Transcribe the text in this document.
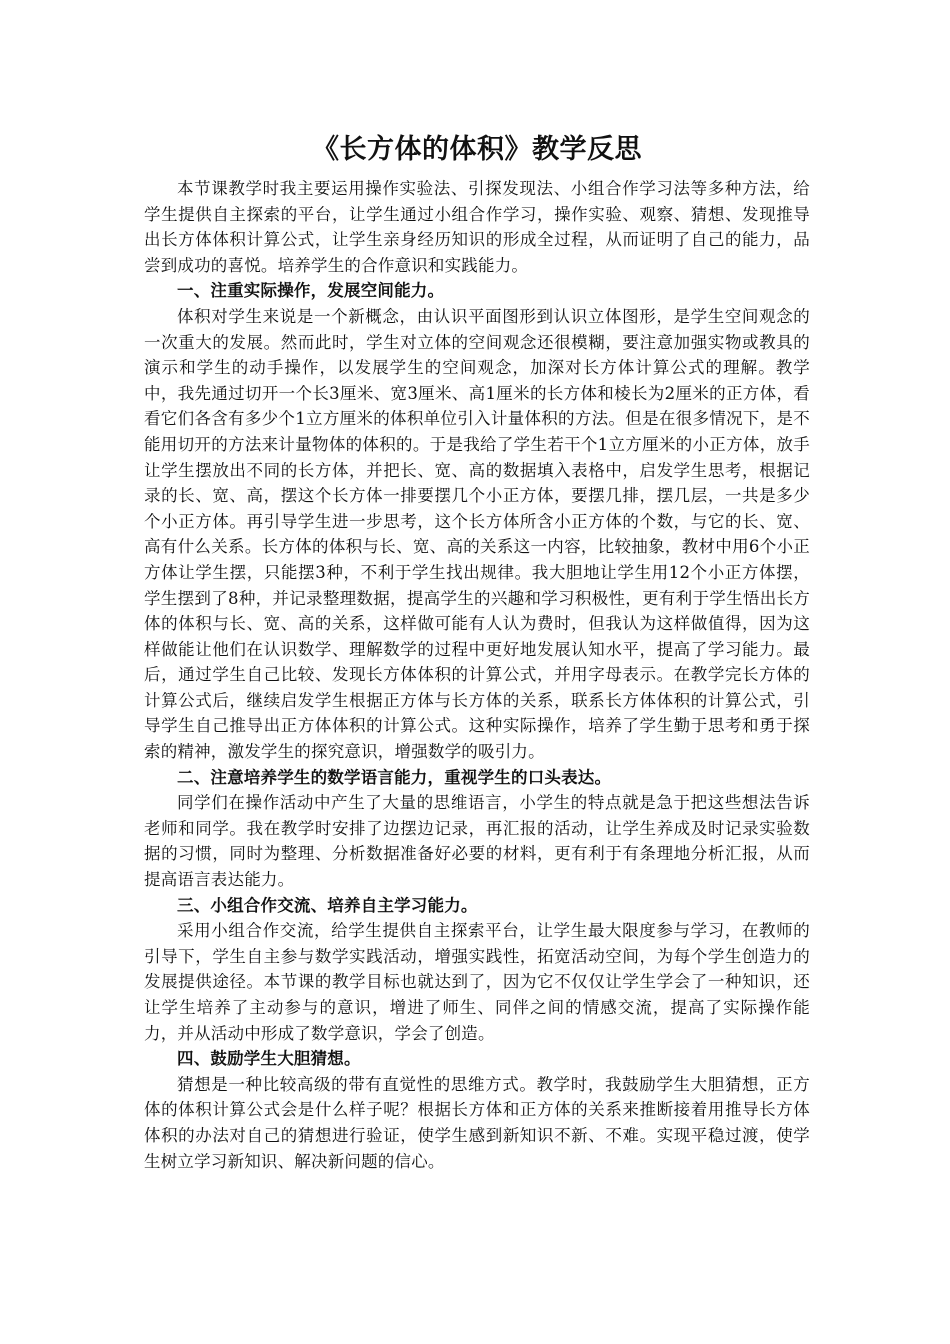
《长方体的体积》教学反思

本节课教学时我主要运用操作实验法、引探发现法、小组合作学习法等多种方法，给学生提供自主探索的平台，让学生通过小组合作学习，操作实验、观察、猜想、发现推导出长方体体积计算公式，让学生亲身经历知识的形成全过程，从而证明了自己的能力，品尝到成功的喜悦。培养学生的合作意识和实践能力。

一、注重实际操作，发展空间能力。

体积对学生来说是一个新概念，由认识平面图形到认识立体图形，是学生空间观念的一次重大的发展。然而此时，学生对立体的空间观念还很模糊，要注意加强实物或教具的演示和学生的动手操作，以发展学生的空间观念，加深对长方体计算公式的理解。教学中，我先通过切开一个长3厘米、宽3厘米、高1厘米的长方体和棱长为2厘米的正方体，看看它们各含有多少个1立方厘米的体积单位引入计量体积的方法。但是在很多情况下，是不能用切开的方法来计量物体的体积的。于是我给了学生若干个1立方厘米的小正方体，放手让学生摆放出不同的长方体，并把长、宽、高的数据填入表格中，启发学生思考，根据记录的长、宽、高，摆这个长方体一排要摆几个小正方体，要摆几排，摆几层，一共是多少个小正方体。再引导学生进一步思考，这个长方体所含小正方体的个数，与它的长、宽、高有什么关系。长方体的体积与长、宽、高的关系这一内容，比较抽象，教材中用6个小正方体让学生摆，只能摆3种，不利于学生找出规律。我大胆地让学生用12个小正方体摆，学生摆到了8种，并记录整理数据，提高学生的兴趣和学习积极性，更有利于学生悟出长方体的体积与长、宽、高的关系，这样做可能有人认为费时，但我认为这样做值得，因为这样做能让他们在认识数学、理解数学的过程中更好地发展认知水平，提高了学习能力。最后，通过学生自己比较、发现长方体体积的计算公式，并用字母表示。在教学完长方体的计算公式后，继续启发学生根据正方体与长方体的关系，联系长方体体积的计算公式，引导学生自己推导出正方体体积的计算公式。这种实际操作，培养了学生勤于思考和勇于探索的精神，激发学生的探究意识，增强数学的吸引力。

二、注意培养学生的数学语言能力，重视学生的口头表达。

同学们在操作活动中产生了大量的思维语言，小学生的特点就是急于把这些想法告诉老师和同学。我在教学时安排了边摆边记录，再汇报的活动，让学生养成及时记录实验数据的习惯，同时为整理、分析数据准备好必要的材料，更有利于有条理地分析汇报，从而提高语言表达能力。

三、小组合作交流、培养自主学习能力。

采用小组合作交流，给学生提供自主探索平台，让学生最大限度参与学习，在教师的引导下，学生自主参与数学实践活动，增强实践性，拓宽活动空间，为每个学生创造力的发展提供途径。本节课的教学目标也就达到了，因为它不仅仅让学生学会了一种知识，还让学生培养了主动参与的意识，增进了师生、同伴之间的情感交流，提高了实际操作能力，并从活动中形成了数学意识，学会了创造。

四、鼓励学生大胆猜想。

猜想是一种比较高级的带有直觉性的思维方式。教学时，我鼓励学生大胆猜想，正方体的体积计算公式会是什么样子呢？根据长方体和正方体的关系来推断接着用推导长方体体积的办法对自己的猜想进行验证，使学生感到新知识不新、不难。实现平稳过渡，使学生树立学习新知识、解决新问题的信心。
